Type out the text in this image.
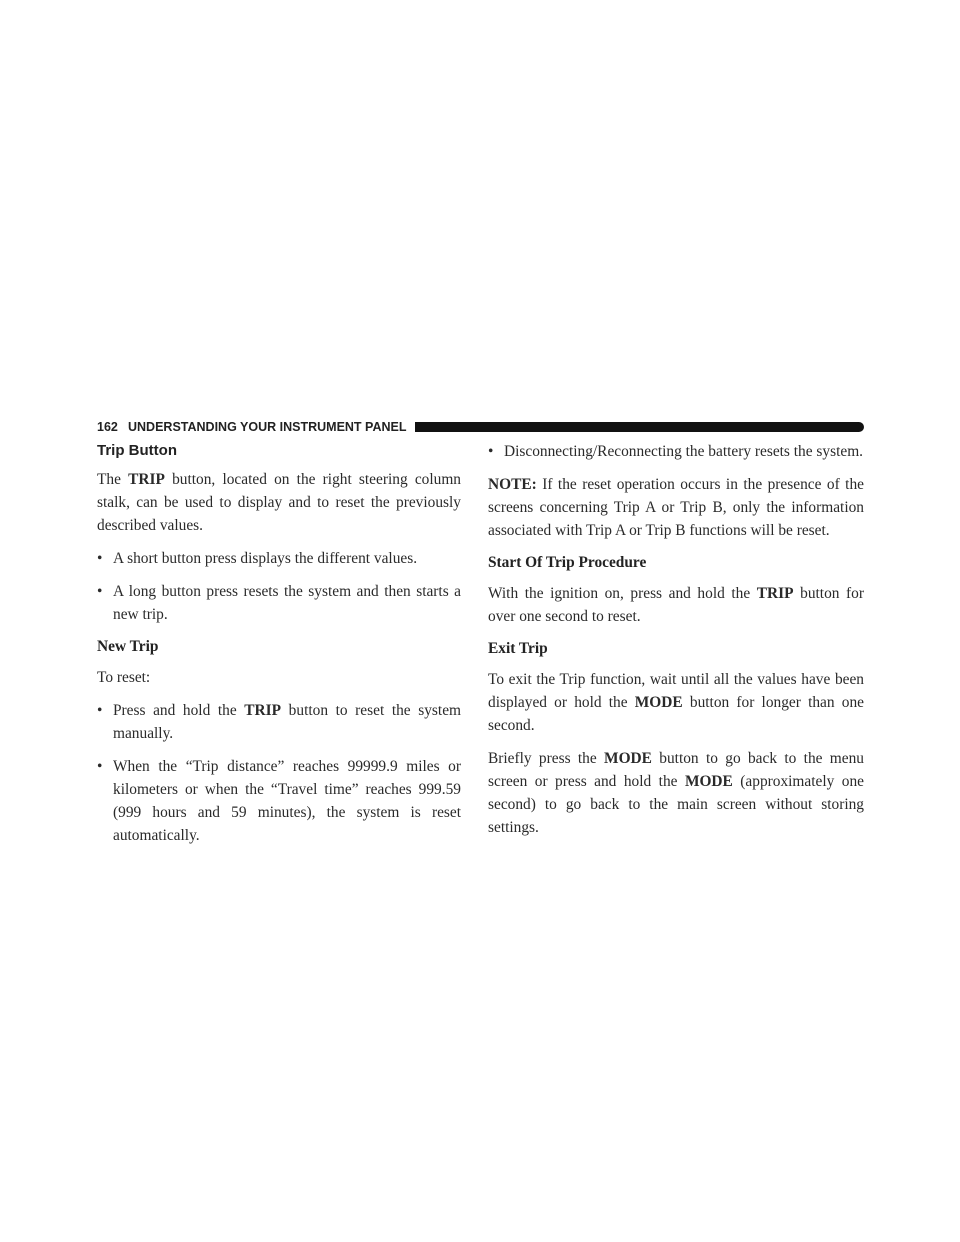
162 UNDERSTANDING YOUR INSTRUMENT PANEL
Trip Button

The TRIP button, located on the right steering column stalk, can be used to display and to reset the previously described values.

• A short button press displays the different values.
• A long button press resets the system and then starts a new trip.
New Trip

To reset:

• Press and hold the TRIP button to reset the system manually.
• When the “Trip distance” reaches 99999.9 miles or kilometers or when the “Travel time” reaches 999.59 (999 hours and 59 minutes), the system is reset automatically.
• Disconnecting/Reconnecting the battery resets the system.

NOTE: If the reset operation occurs in the presence of the screens concerning Trip A or Trip B, only the information associated with Trip A or Trip B functions will be reset.

Start Of Trip Procedure

With the ignition on, press and hold the TRIP button for over one second to reset.

Exit Trip

To exit the Trip function, wait until all the values have been displayed or hold the MODE button for longer than one second.

Briefly press the MODE button to go back to the menu screen or press and hold the MODE (approximately one second) to go back to the main screen without storing settings.
